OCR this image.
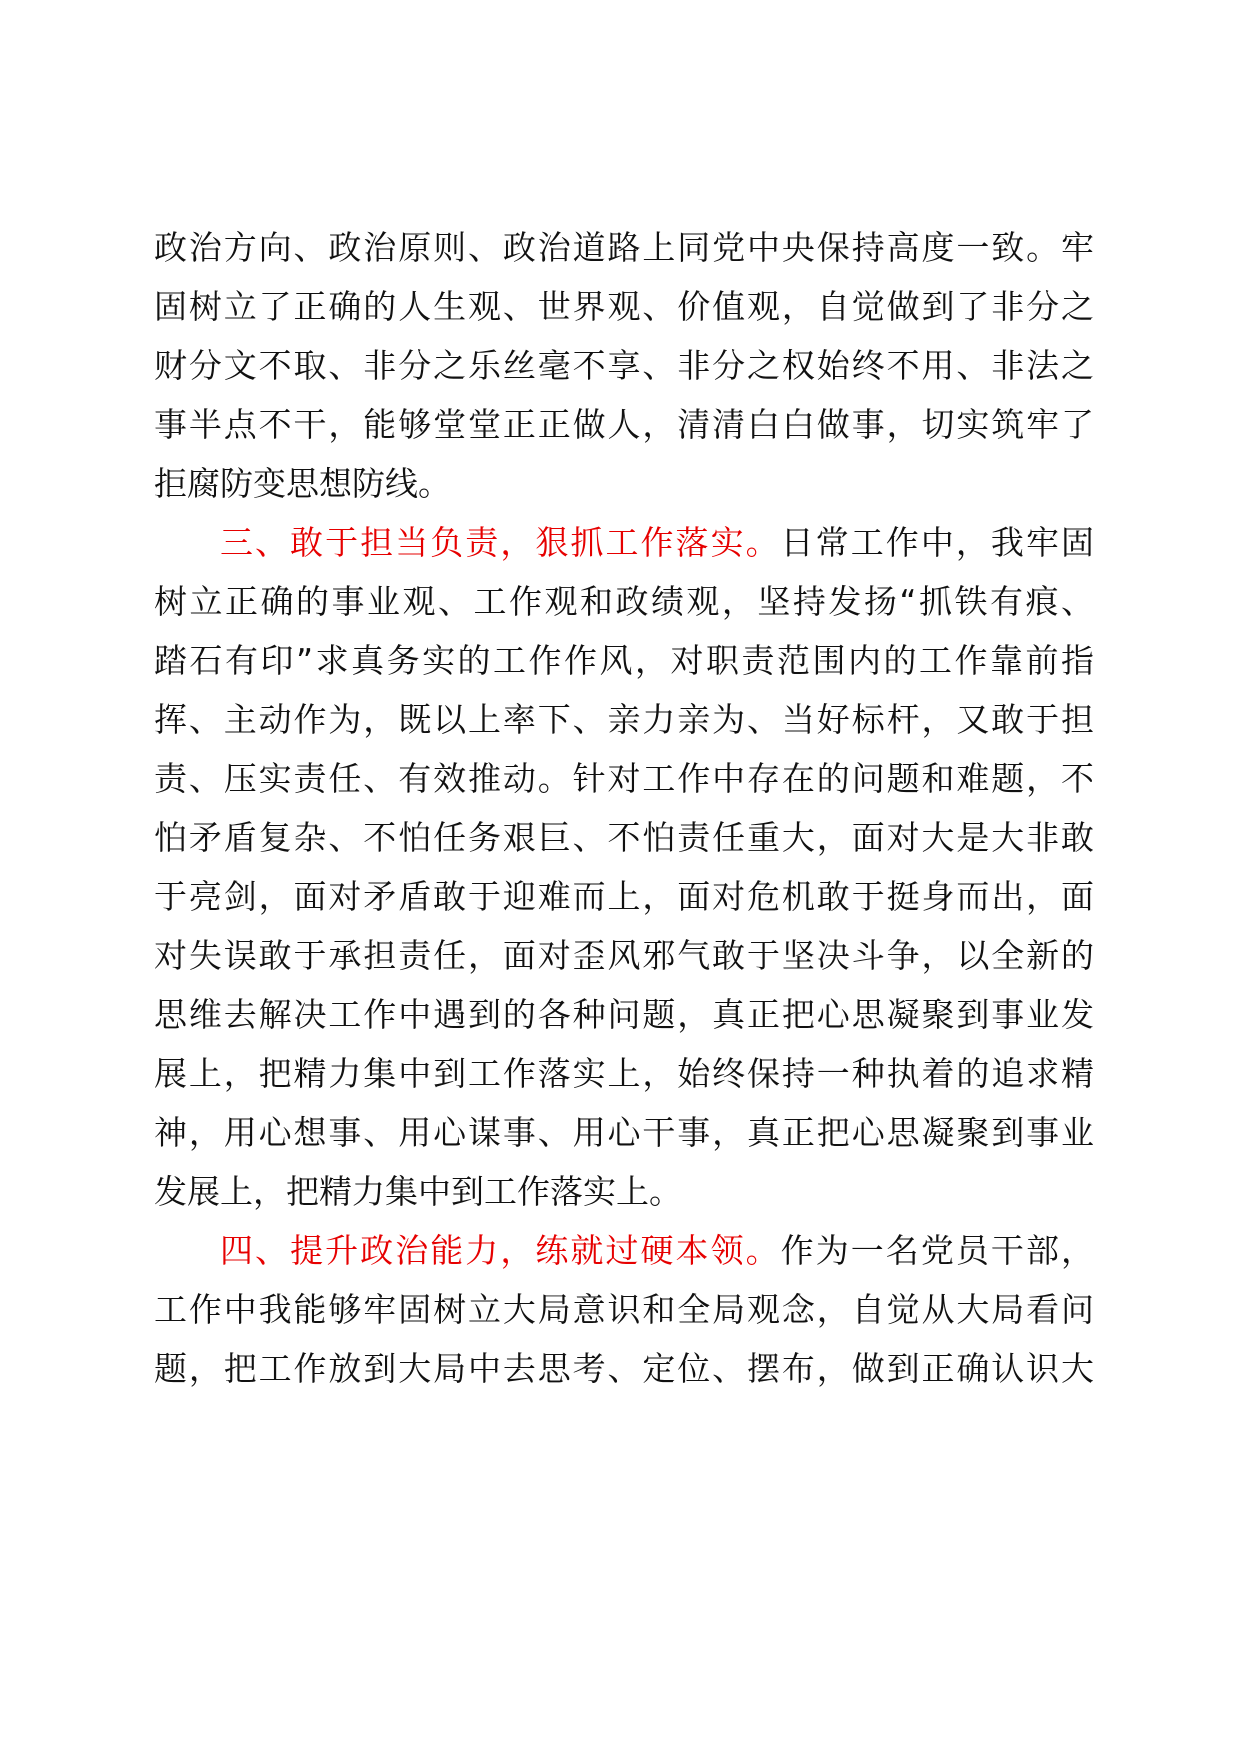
政治方向、政治原则、政治道路上同党中央保持高度一致。牢
固树立了正确的人生观、世界观、价值观，自觉做到了非分之
财分文不取、非分之乐丝毫不享、非分之权始终不用、非法之
事半点不干，能够堂堂正正做人，清清白白做事，切实筑牢了
拒腐防变思想防线。
三、敢于担当负责，狠抓工作落实。日常工作中，我牢固
树立正确的事业观、工作观和政绩观，坚持发扬“抓铁有痕、
踏石有印”求真务实的工作作风，对职责范围内的工作靠前指
挥、主动作为，既以上率下、亲力亲为、当好标杆，又敢于担
责、压实责任、有效推动。针对工作中存在的问题和难题，不
怕矛盾复杂、不怕任务艰巨、不怕责任重大，面对大是大非敢
于亮剑，面对矛盾敢于迎难而上，面对危机敢于挺身而出，面
对失误敢于承担责任，面对歪风邪气敢于坚决斗争，以全新的
思维去解决工作中遇到的各种问题，真正把心思凝聚到事业发
展上，把精力集中到工作落实上，始终保持一种执着的追求精
神，用心想事、用心谋事、用心干事，真正把心思凝聚到事业
发展上，把精力集中到工作落实上。
四、提升政治能力，练就过硬本领。作为一名党员干部，
工作中我能够牢固树立大局意识和全局观念，自觉从大局看问
题，把工作放到大局中去思考、定位、摆布，做到正确认识大
